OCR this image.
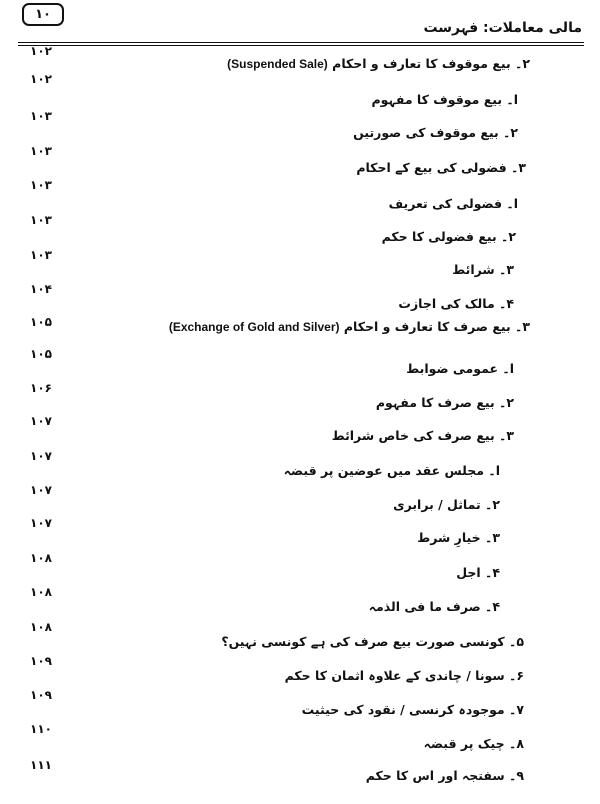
۱۰
مالی معاملات: فہرست
۱۰۲
۲۔ بیع موقوف کا تعارف و احکام (Suspended Sale)
۱۰۲
ا۔ بیع موقوف کا مفہوم
۱۰۳
۲۔ بیع موقوف کی صورتیں
۱۰۳
۳۔ فضولی کی بیع کے احکام
۱۰۳
ا۔ فضولی کی تعریف
۱۰۳
۲۔ بیع فضولی کا حکم
۱۰۳
۳۔ شرائط
۱۰۴
۴۔ مالک کی اجازت
۱۰۵	۳۔ بیع صرف کا تعارف و احکام (Exchange of Gold and Silver)
۱۰۵
ا۔ عمومی ضوابط
۱۰۶
۲۔ بیع صرف کا مفہوم
۱۰۷
۳۔ بیع صرف کی خاص شرائط
۱۰۷
ا۔ مجلس عقد میں عوضین پر قبضہ
۱۰۷
۲۔ تماثل / برابری
۱۰۷
۳۔ خیارِ شرط
۱۰۸
۴۔ اجل
۱۰۸
۴۔ صرف ما فی الذمہ
۱۰۸
۵۔ کونسی صورت بیع صرف کی ہے کونسی نہیں؟
۱۰۹
۶۔ سونا / چاندی کے علاوہ اثمان کا حکم
۱۰۹
۷۔ موجودہ کرنسی / نقود کی حیثیت
۱۱۰
۸۔ چیک پر قبضہ
۱۱۱
۹۔ سفتجہ اور اس کا حکم
